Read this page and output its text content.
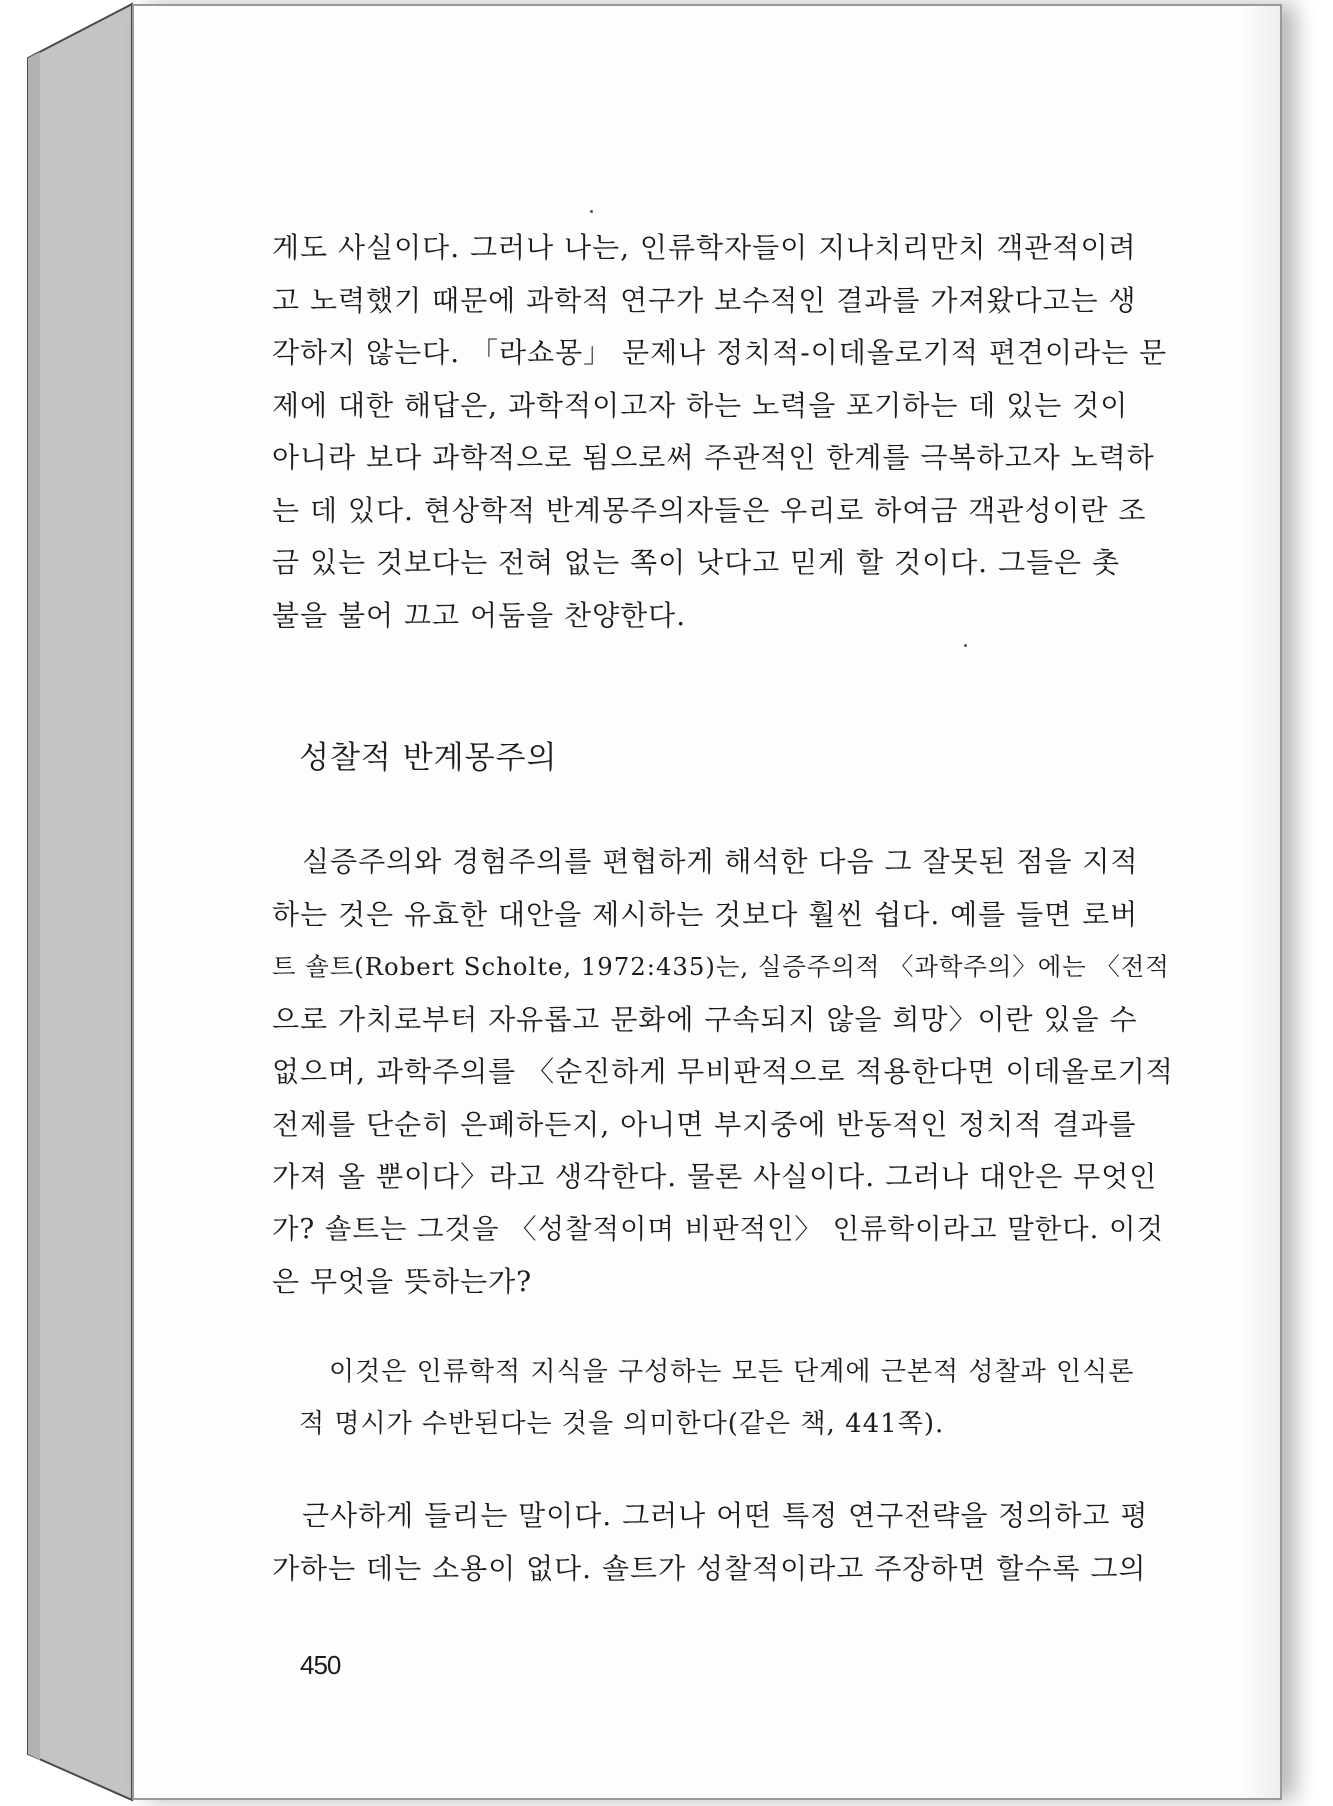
게도 사실이다. 그러나 나는, 인류학자들이 지나치리만치 객관적이려
고 노력했기 때문에 과학적 연구가 보수적인 결과를 가져왔다고는 생
각하지 않는다. 「라쇼몽」 문제나 정치적-이데올로기적 편견이라는 문
제에 대한 해답은, 과학적이고자 하는 노력을 포기하는 데 있는 것이
아니라 보다 과학적으로 됨으로써 주관적인 한계를 극복하고자 노력하
는 데 있다. 현상학적 반계몽주의자들은 우리로 하여금 객관성이란 조
금 있는 것보다는 전혀 없는 쪽이 낫다고 믿게 할 것이다. 그들은 촛
불을 불어 끄고 어둠을 찬양한다.
성찰적 반계몽주의
실증주의와 경험주의를 편협하게 해석한 다음 그 잘못된 점을 지적
하는 것은 유효한 대안을 제시하는 것보다 훨씬 쉽다. 예를 들면 로버
트 숄트(Robert Scholte, 1972:435)는, 실증주의적 〈과학주의〉에는 〈전적
으로 가치로부터 자유롭고 문화에 구속되지 않을 희망〉이란 있을 수
없으며, 과학주의를 〈순진하게 무비판적으로 적용한다면 이데올로기적
전제를 단순히 은폐하든지, 아니면 부지중에 반동적인 정치적 결과를
가져 올 뿐이다〉라고 생각한다. 물론 사실이다. 그러나 대안은 무엇인
가? 숄트는 그것을 〈성찰적이며 비판적인〉 인류학이라고 말한다. 이것
은 무엇을 뜻하는가?
이것은 인류학적 지식을 구성하는 모든 단계에 근본적 성찰과 인식론
적 명시가 수반된다는 것을 의미한다(같은 책, 441쪽).
근사하게 들리는 말이다. 그러나 어떤 특정 연구전략을 정의하고 평
가하는 데는 소용이 없다. 숄트가 성찰적이라고 주장하면 할수록 그의
450
